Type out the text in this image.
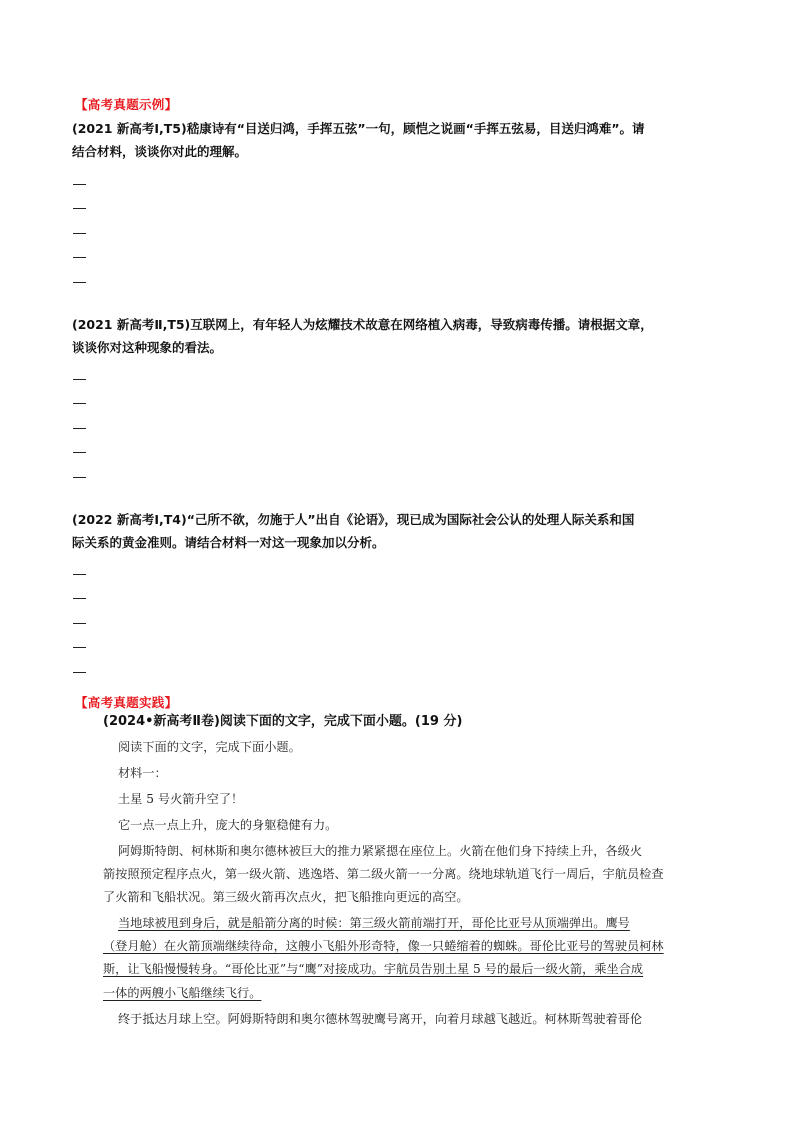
【高考真题示例】
(2021 新高考Ⅰ,T5)嵇康诗有“目送归鸿，手挥五弦”一句，顾恺之说画“手挥五弦易，目送归鸿难”。请
结合材料，谈谈你对此的理解。
(2021 新高考Ⅱ,T5)互联网上，有年轻人为炫耀技术故意在网络植入病毒，导致病毒传播。请根据文章，
谈谈你对这种现象的看法。
(2022 新高考Ⅰ,T4)“己所不欲，勿施于人”出自《论语》，现已成为国际社会公认的处理人际关系和国
际关系的黄金准则。请结合材料一对这一现象加以分析。
【高考真题实践】
(2024•新高考Ⅱ卷)阅读下面的文字，完成下面小题。(19 分)
阅读下面的文字，完成下面小题。
材料一：
土星 5 号火箭升空了！
它一点一点上升，庞大的身躯稳健有力。
阿姆斯特朗、柯林斯和奥尔德林被巨大的推力紧紧摁在座位上。火箭在他们身下持续上升，各级火
箭按照预定程序点火，第一级火箭、逃逸塔、第二级火箭一一分离。绕地球轨道飞行一周后，宇航员检查
了火箭和飞船状况。第三级火箭再次点火，把飞船推向更远的高空。
当地球被甩到身后，就是船箭分离的时候：第三级火箭前端打开，哥伦比亚号从顶端弹出。鹰号
（登月舱）在火箭顶端继续待命，这艘小飞船外形奇特，像一只蜷缩着的蜘蛛。哥伦比亚号的驾驶员柯林
斯，让飞船慢慢转身。“哥伦比亚”与“鹰”对接成功。宇航员告别土星 5 号的最后一级火箭，乘坐合成
一体的两艘小飞船继续飞行。
终于抵达月球上空。阿姆斯特朗和奥尔德林驾驶鹰号离开，向着月球越飞越近。柯林斯驾驶着哥伦
